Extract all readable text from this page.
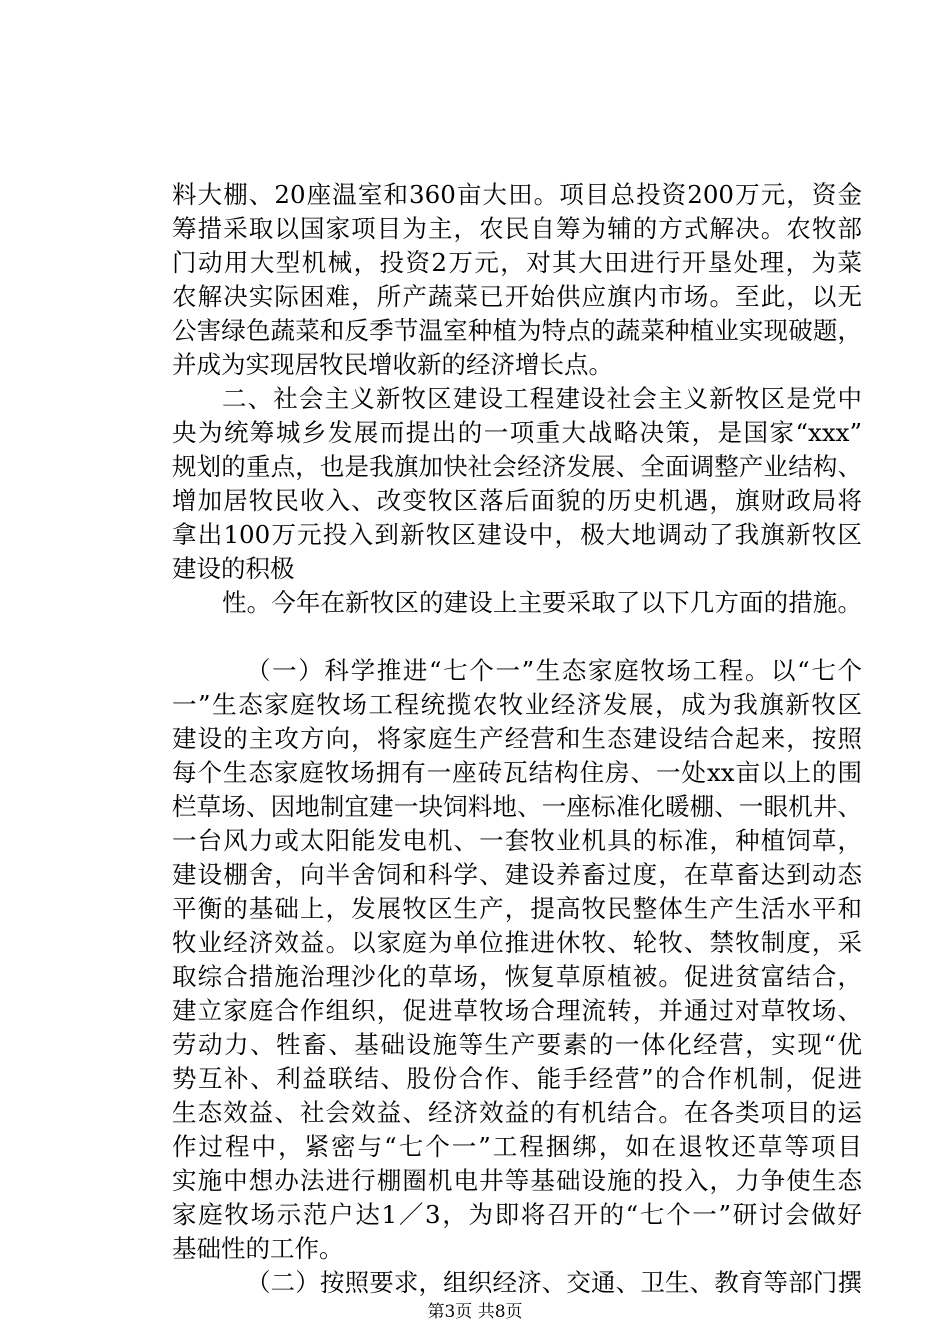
料大棚、20座温室和360亩大田。项目总投资200万元，资金
筹措采取以国家项目为主，农民自筹为辅的方式解决。农牧部
门动用大型机械，投资2万元，对其大田进行开垦处理，为菜
农解决实际困难，所产蔬菜已开始供应旗内市场。至此，以无
公害绿色蔬菜和反季节温室种植为特点的蔬菜种植业实现破题，
并成为实现居牧民增收新的经济增长点。
二、社会主义新牧区建设工程建设社会主义新牧区是党中
央为统筹城乡发展而提出的一项重大战略决策，是国家“xxx”
规划的重点，也是我旗加快社会经济发展、全面调整产业结构、
增加居牧民收入、改变牧区落后面貌的历史机遇，旗财政局将
拿出100万元投入到新牧区建设中，极大地调动了我旗新牧区
建设的积极
性。今年在新牧区的建设上主要采取了以下几方面的措施。
（一）科学推进“七个一”生态家庭牧场工程。以“七个
一”生态家庭牧场工程统揽农牧业经济发展，成为我旗新牧区
建设的主攻方向，将家庭生产经营和生态建设结合起来，按照
每个生态家庭牧场拥有一座砖瓦结构住房、一处xx亩以上的围
栏草场、因地制宜建一块饲料地、一座标准化暖棚、一眼机井、
一台风力或太阳能发电机、一套牧业机具的标准，种植饲草，
建设棚舍，向半舍饲和科学、建设养畜过度，在草畜达到动态
平衡的基础上，发展牧区生产，提高牧民整体生产生活水平和
牧业经济效益。以家庭为单位推进休牧、轮牧、禁牧制度，采
取综合措施治理沙化的草场，恢复草原植被。促进贫富结合，
建立家庭合作组织，促进草牧场合理流转，并通过对草牧场、
劳动力、牲畜、基础设施等生产要素的一体化经营，实现“优
势互补、利益联结、股份合作、能手经营”的合作机制，促进
生态效益、社会效益、经济效益的有机结合。在各类项目的运
作过程中，紧密与“七个一”工程捆绑，如在退牧还草等项目
实施中想办法进行棚圈机电井等基础设施的投入，力争使生态
家庭牧场示范户达1／3，为即将召开的“七个一”研讨会做好
基础性的工作。
（二）按照要求，组织经济、交通、卫生、教育等部门撰
第3页 共8页
